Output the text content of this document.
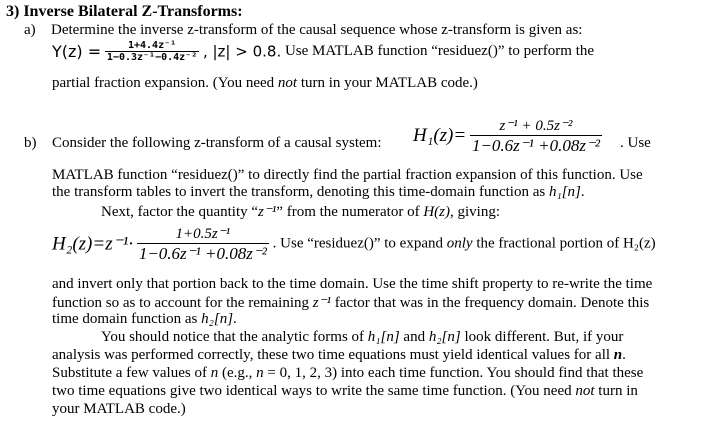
3) Inverse Bilateral Z-Transforms:
a) Determine the inverse z-transform of the causal sequence whose z-transform is given as:
$Y(z) = \frac{\text{1+4.4z⁻¹}}{\text{1−0.3z⁻¹−0.4z⁻²}}$ , |z| > 0.8. Use MATLAB function “residuez()” to perform the
partial fraction expansion. (You need not turn in your MATLAB code.)
b) Consider the following z-transform of a causal system: $H_1(z)= \frac{\text{z⁻¹ + 0.5z⁻²}}{\text{1−0.6z⁻¹ +0.08z⁻²}}$ . Use
MATLAB function “residuez()” to directly find the partial fraction expansion of this function. Use
the transform tables to invert the transform, denoting this time-domain function as h₁[n].
Next, factor the quantity “z⁻¹” from the numerator of H(z), giving:
$H_2(z)=z^{-1}\cdot \frac{\text{1+0.5z⁻¹}}{\text{1−0.6z⁻¹ +0.08z⁻²}}$ . Use “residuez()” to expand only the fractional portion of H₂(z)
and invert only that portion back to the time domain. Use the time shift property to re-write the time
function so as to account for the remaining z⁻¹ factor that was in the frequency domain. Denote this
time domain function as h₂[n].
You should notice that the analytic forms of h₁[n] and h₂[n] look different. But, if your
analysis was performed correctly, these two time equations must yield identical values for all n.
Substitute a few values of n (e.g., n = 0, 1, 2, 3) into each time function. You should find that these
two time equations give two identical ways to write the same time function. (You need not turn in
your MATLAB code.)
